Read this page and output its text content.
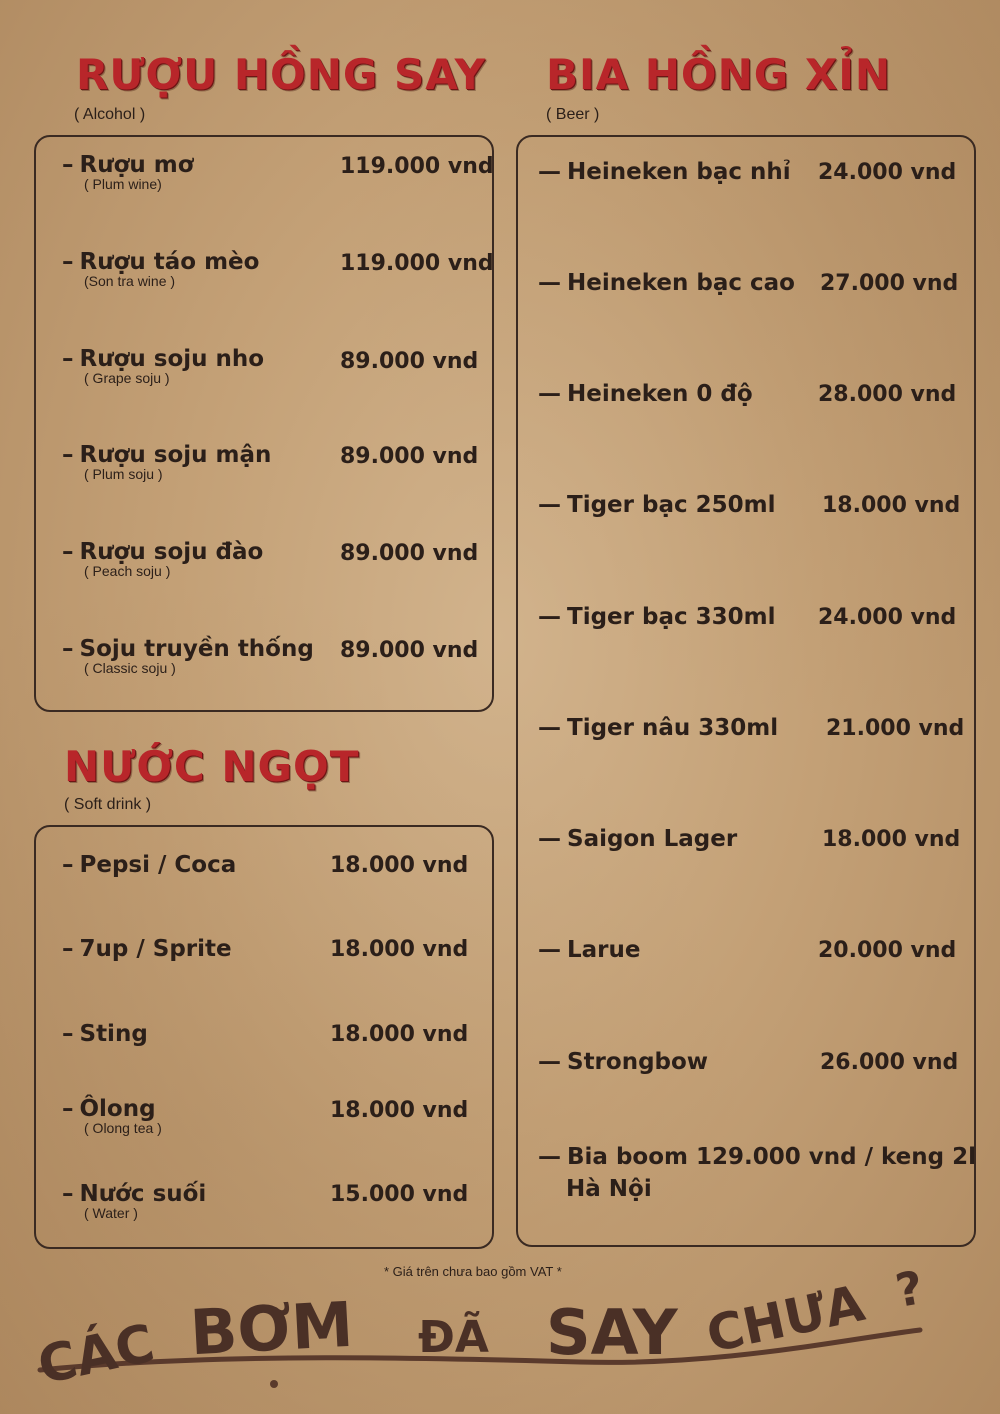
RƯỢU HỒNG SAY
( Alcohol )
– Rượu mơ
( Plum wine)
119.000 vnd
– Rượu táo mèo
(Son tra wine )
119.000 vnd
– Rượu soju nho
( Grape soju )
89.000 vnd
– Rượu soju mận
( Plum soju )
89.000 vnd
– Rượu soju đào
( Peach soju )
89.000 vnd
– Soju truyền thống
( Classic soju )
89.000 vnd
NƯỚC NGỌT
( Soft drink )
– Pepsi / Coca	18.000 vnd
– 7up / Sprite	18.000 vnd
– Sting	18.000 vnd
– Ôlong
( Olong tea )
18.000 vnd
– Nước suối
( Water )
15.000 vnd
BIA HỒNG XỈN
( Beer )
— Heineken bạc nhỉ 24.000 vnd
— Heineken bạc cao 27.000 vnd
— Heineken 0 độ	28.000 vnd
— Tiger bạc 250ml 18.000 vnd
— Tiger bạc 330ml 24.000 vnd
— Tiger nâu 330ml 21.000 vnd
— Saigon Lager	18.000 vnd
— Larue	20.000 vnd
— Strongbow	26.000 vnd
— Bia boom 129.000 vnd / keng 2l
Hà Nội
* Giá trên chưa bao gồm VAT *
CÁC BƠM ĐÃ SAY CHƯA ?
